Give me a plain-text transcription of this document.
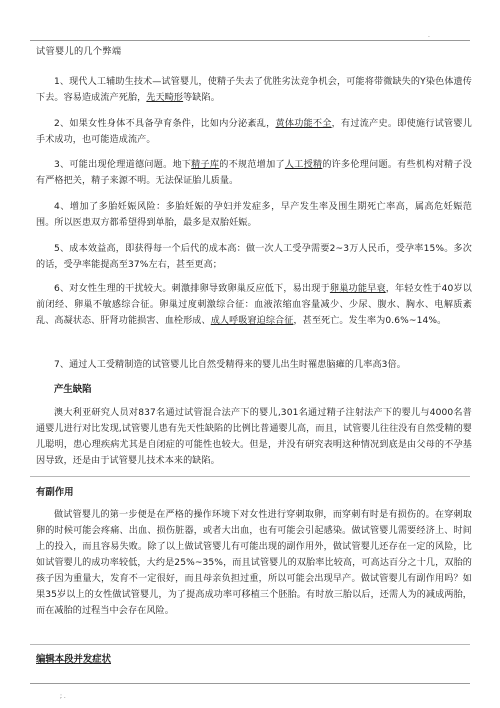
.
试管婴儿的几个弊端

1、现代人工辅助生技术—试管婴儿，使精子失去了优胜劣汰竞争机会，可能将带微缺失的Y染色体遗传下去。容易造成流产死胎，先天畸形等缺陷。

2、如果女性身体不具备孕育条件，比如内分泌紊乱，黄体功能不全，有过流产史。即使施行试管婴儿手术成功，也可能造成流产。

3、可能出现伦理道德问题。地下精子库的不规范增加了人工授精的许多伦理问题。有些机构对精子没有严格把关，精子来源不明。无法保证胎儿质量。

4、增加了多胎妊娠风险：多胎妊娠的孕妇并发症多，早产发生率及围生期死亡率高，属高危妊娠范围。所以医患双方都希望得到单胎，最多是双胎妊娠。

5、成本效益高，即获得每一个后代的成本高：做一次人工受孕需要2~3万人民币，受孕率15%。多次的话，受孕率能提高至37%左右，甚至更高；

6、对女性生理的干扰较大。刺激排卵导致卵巢反应低下，易出现于卵巢功能早衰，年轻女性于40岁以前闭经、卵巢不敏感综合征。卵巢过度刺激综合征：血液浓缩血容量减少、少尿、腹水、胸水、电解质紊乱、高凝状态、肝肾功能损害、血栓形成、成人呼吸窘迫综合征，甚至死亡。发生率为0.6%~14%。

7、通过人工受精制造的试管婴儿比自然受精得来的婴儿出生时罹患脑瘫的几率高3倍。

产生缺陷

澳大利亚研究人员对837名通过试管混合法产下的婴儿,301名通过精子注射法产下的婴儿与4000名普通婴儿进行对比发现,试管婴儿患有先天性缺陷的比例比普通婴儿高，而且，试管婴儿往往没有自然受精的婴儿聪明，患心理疾病尤其是自闭症的可能性也较大。但是，并没有研究表明这种情况到底是由父母的不孕基因导致，还是由于试管婴儿技术本来的缺陷。

有副作用

做试管婴儿的第一步便是在严格的操作环境下对女性进行穿刺取卵，而穿刺有时是有损伤的。在穿刺取卵的时候可能会疼痛、出血、损伤脏器，或者大出血，也有可能会引起感染。做试管婴儿需要经济上、时间上的投入，而且容易失败。除了以上做试管婴儿有可能出现的副作用外，做试管婴儿还存在一定的风险，比如试管婴儿的成功率较低，大约是25%~35%，而且试管婴儿的双胎率比较高，可高达百分之十几，双胎的孩子因为重量大，发育不一定很好，而且母亲负担过重，所以可能会出现早产。做试管婴儿有副作用吗？如果35岁以上的女性做试管婴儿，为了提高成功率可移植三个胚胎。有时放三胎以后，还需人为的减成两胎，而在减胎的过程当中会存在风险。

编辑本段并发症状
; .
